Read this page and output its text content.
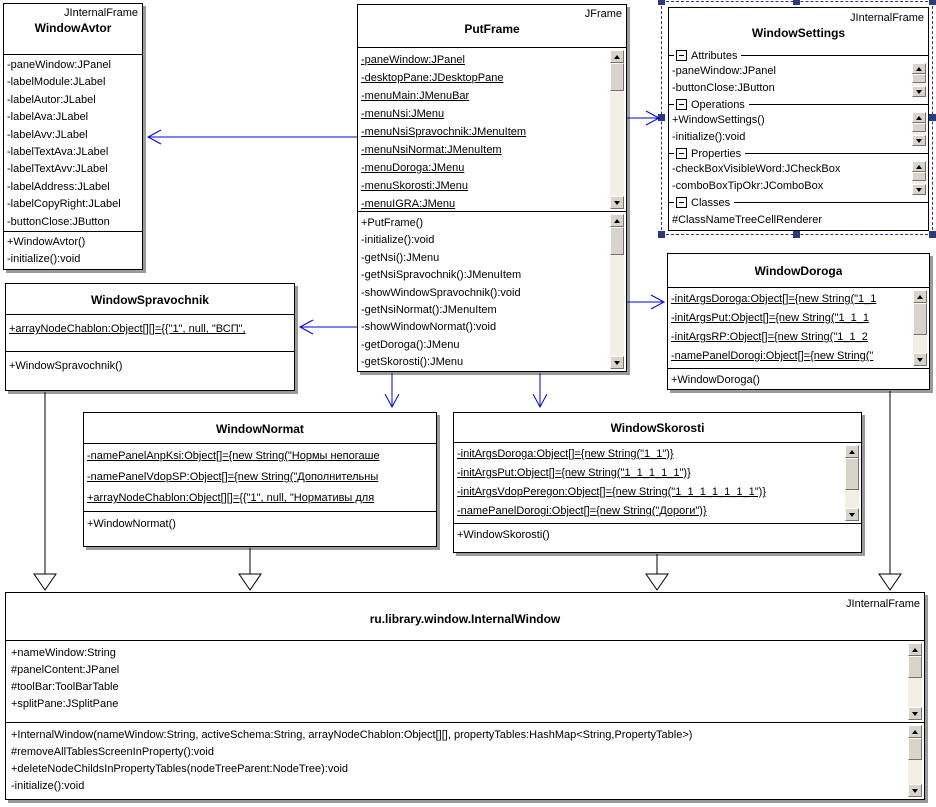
JInternalFrame
WindowAvtor
-paneWindow:JPanel
-labelModule:JLabel
-labelAutor:JLabel
-labelAva:JLabel
-labelAvv:JLabel
-labelTextAva:JLabel
-labelTextAvv:JLabel
-labelAddress:JLabel
-labelCopyRight:JLabel
-buttonClose:JButton
+WindowAvtor()
-initialize():void
JFrame
PutFrame
-paneWindow:JPanel
-desktopPane:JDesktopPane
-menuMain:JMenuBar
-menuNsi:JMenu
-menuNsiSpravochnik:JMenuItem
-menuNsiNormat:JMenuItem
-menuDoroga:JMenu
-menuSkorosti:JMenu
-menuIGRA:JMenu
+PutFrame()
-initialize():void
-getNsi():JMenu
-getNsiSpravochnik():JMenuItem
-showWindowSpravochnik():void
-getNsiNormat():JMenuItem
-showWindowNormat():void
-getDoroga():JMenu
-getSkorosti():JMenu
JInternalFrame
WindowSettings
Attributes
-paneWindow:JPanel
-buttonClose:JButton
Operations
+WindowSettings()
-initialize():void
Properties
-checkBoxVisibleWord:JCheckBox
-comboBoxTipOkr:JComboBox
Classes
#ClassNameTreeCellRenderer
WindowSpravochnik
+arrayNodeChablon:Object[][]={{"1", null, "ВСП",
+WindowSpravochnik()
WindowDoroga
-initArgsDoroga:Object[]={new String("1_1
-initArgsPut:Object[]={new String("1_1_1
-initArgsRP:Object[]={new String("1_1_2
-namePanelDorogi:Object[]={new String("
+WindowDoroga()
WindowNormat
-namePanelAnpKsi:Object[]={new String("Нормы непогаше
-namePanelVdopSP:Object[]={new String("Дополнительны
+arrayNodeChablon:Object[][]={{"1", null, "Нормативы для
+WindowNormat()
WindowSkorosti
-initArgsDoroga:Object[]={new String("1_1")}
-initArgsPut:Object[]={new String("1_1_1_1_1")}
-initArgsVdopPeregon:Object[]={new String("1_1_1_1_1_1_1")}
-namePanelDorogi:Object[]={new String("Дороги")}
+WindowSkorosti()
JInternalFrame
ru.library.window.InternalWindow
+nameWindow:String
#panelContent:JPanel
#toolBar:ToolBarTable
+splitPane:JSplitPane
+InternalWindow(nameWindow:String, activeSchema:String, arrayNodeChablon:Object[][], propertyTables:HashMap<String,PropertyTable>)
#removeAllTablesScreenInProperty():void
+deleteNodeChildsInPropertyTables(nodeTreeParent:NodeTree):void
-initialize():void
